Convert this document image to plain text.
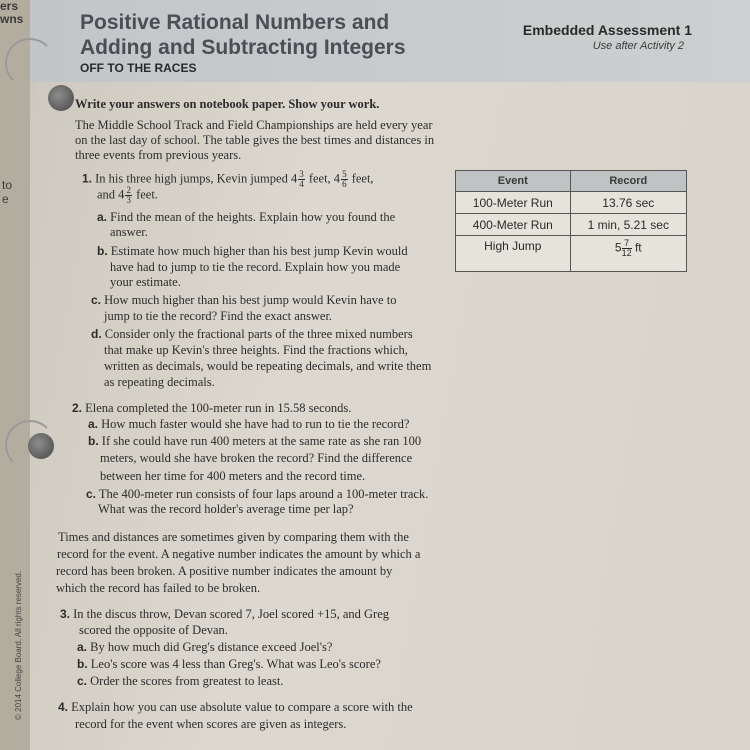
ers
wns
to
e
Positive Rational Numbers and
Adding and Subtracting Integers
OFF TO THE RACES
Embedded Assessment 1
Use after Activity 2
Write your answers on notebook paper. Show your work.
The Middle School Track and Field Championships are held every year
on the last day of school. The table gives the best times and distances in
three events from previous years.
Event	Record
100-Meter Run	13.76 sec
400-Meter Run	1 min, 5.21 sec
High Jump	$5 \frac{7}{12}$ ft
1. In his three high jumps, Kevin jumped $4 \frac{3}{4}$ feet, $4 \frac{5}{6}$ feet,
and $4 \frac{2}{3}$ feet.
a. Find the mean of the heights. Explain how you found the
answer.
b. Estimate how much higher than his best jump Kevin would
have had to jump to tie the record. Explain how you made
your estimate.
c. How much higher than his best jump would Kevin have to
jump to tie the record? Find the exact answer.
d. Consider only the fractional parts of the three mixed numbers
that make up Kevin's three heights. Find the fractions which,
written as decimals, would be repeating decimals, and write them
as repeating decimals.
2. Elena completed the 100-meter run in 15.58 seconds.
a. How much faster would she have had to run to tie the record?
b. If she could have run 400 meters at the same rate as she ran 100
meters, would she have broken the record? Find the difference
between her time for 400 meters and the record time.
c. The 400-meter run consists of four laps around a 100-meter track.
What was the record holder's average time per lap?
Times and distances are sometimes given by comparing them with the
record for the event. A negative number indicates the amount by which a
record has been broken. A positive number indicates the amount by
which the record has failed to be broken.
3. In the discus throw, Devan scored 7, Joel scored +15, and Greg
scored the opposite of Devan.
a. By how much did Greg's distance exceed Joel's?
b. Leo's score was 4 less than Greg's. What was Leo's score?
c. Order the scores from greatest to least.
4. Explain how you can use absolute value to compare a score with the
record for the event when scores are given as integers.
© 2014 College Board. All rights reserved.
